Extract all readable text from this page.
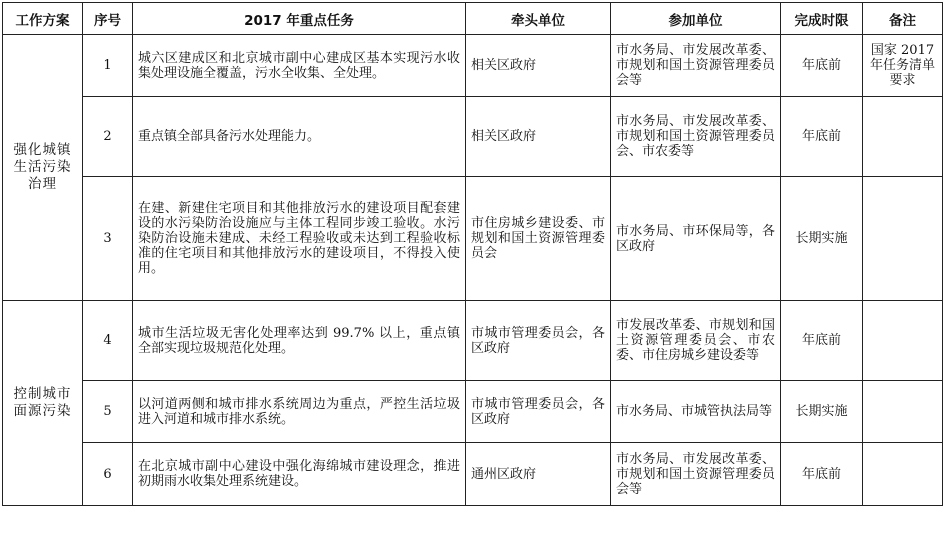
工作方案	序号	2017 年重点任务	牵头单位	参加单位	完成时限	备注
强化城镇生活污染治理	1	城六区建成区和北京城市副中心建成区基本实现污水收集处理设施全覆盖，污水全收集、全处理。	相关区政府	市水务局、市发展改革委、市规划和国土资源管理委员会等	年底前	国家 2017 年任务清单要求
	2	重点镇全部具备污水处理能力。	相关区政府	市水务局、市发展改革委、市规划和国土资源管理委员会、市农委等	年底前	
	3	在建、新建住宅项目和其他排放污水的建设项目配套建设的水污染防治设施应与主体工程同步竣工验收。水污染防治设施未建成、未经工程验收或未达到工程验收标准的住宅项目和其他排放污水的建设项目，不得投入使用。	市住房城乡建设委、市规划和国土资源管理委员会	市水务局、市环保局等，各区政府	长期实施	
控制城市面源污染	4	城市生活垃圾无害化处理率达到 99.7% 以上，重点镇全部实现垃圾规范化处理。	市城市管理委员会，各区政府	市发展改革委、市规划和国土资源管理委员会、市农委、市住房城乡建设委等	年底前	
	5	以河道两侧和城市排水系统周边为重点，严控生活垃圾进入河道和城市排水系统。	市城市管理委员会，各区政府	市水务局、市城管执法局等	长期实施	
	6	在北京城市副中心建设中强化海绵城市建设理念，推进初期雨水收集处理系统建设。	通州区政府	市水务局、市发展改革委、市规划和国土资源管理委员会等	年底前	
